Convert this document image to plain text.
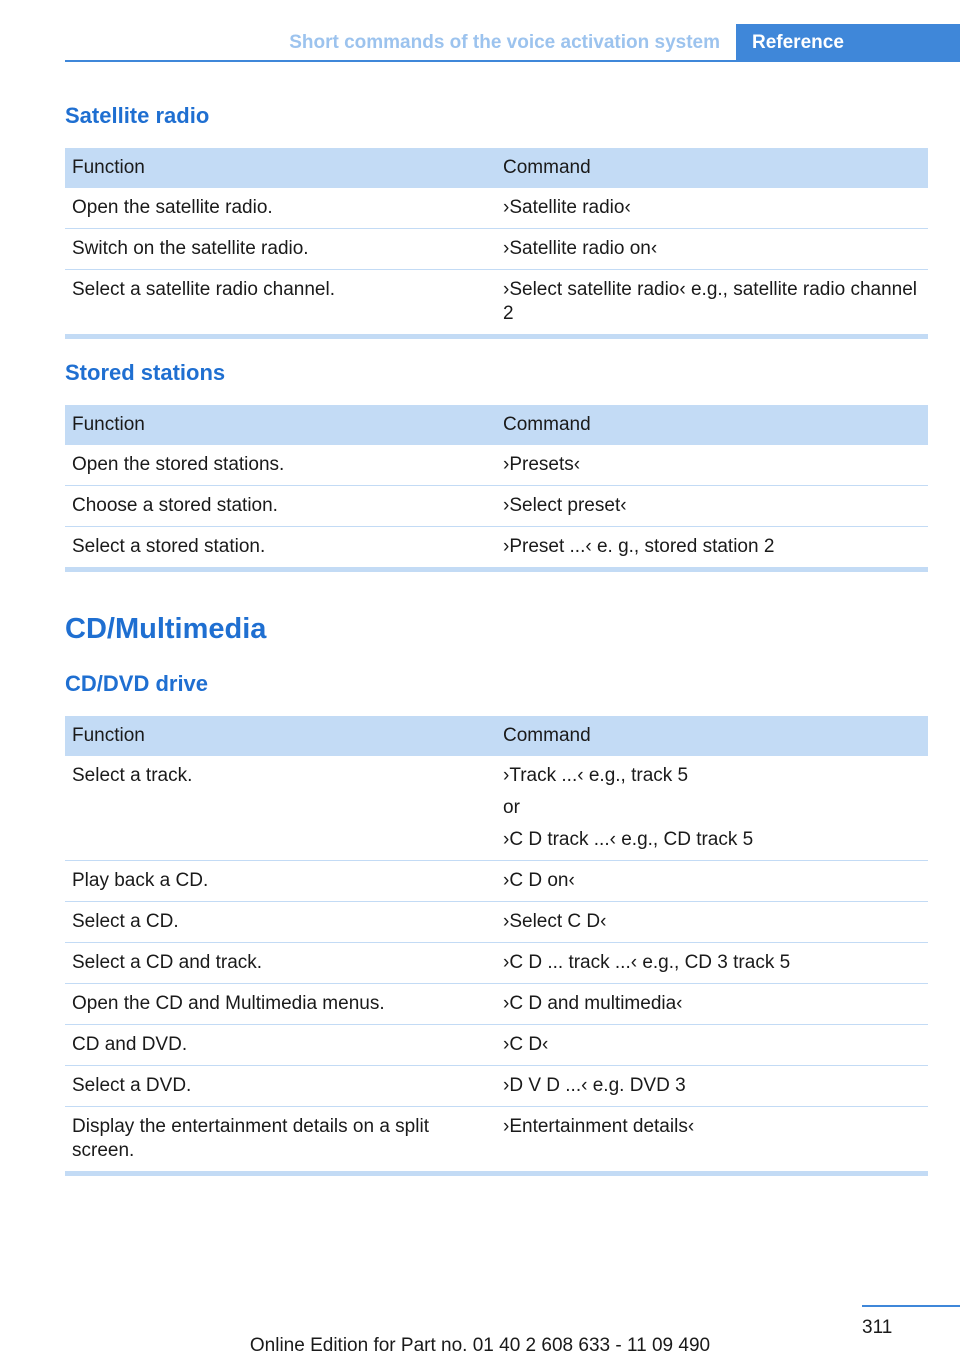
Short commands of the voice activation system	Reference
Satellite radio
Function	Command
Open the satellite radio.	›Satellite radio‹

Switch on the satellite radio.	›Satellite radio on‹

Select a satellite radio channel.	›Select satellite radio‹ e.g., satellite radio channel 2
Stored stations
Function	Command
Open the stored stations.	›Presets‹

Choose a stored station.	›Select preset‹

Select a stored station.	›Preset ...‹ e. g., stored station 2
CD/Multimedia
CD/DVD drive
Function	Command
Select a track.	›Track ...‹ e.g., track 5
or
›C D track ...‹ e.g., CD track 5

Play back a CD.	›C D on‹

Select a CD.	›Select C D‹

Select a CD and track.	›C D ... track ...‹ e.g., CD 3 track 5

Open the CD and Multimedia menus.	›C D and multimedia‹

CD and DVD.	›C D‹

Select a DVD.	›D V D ...‹ e.g. DVD 3

Display the entertainment details on a split screen.	›Entertainment details‹
311
Online Edition for Part no. 01 40 2 608 633 - 11 09 490
